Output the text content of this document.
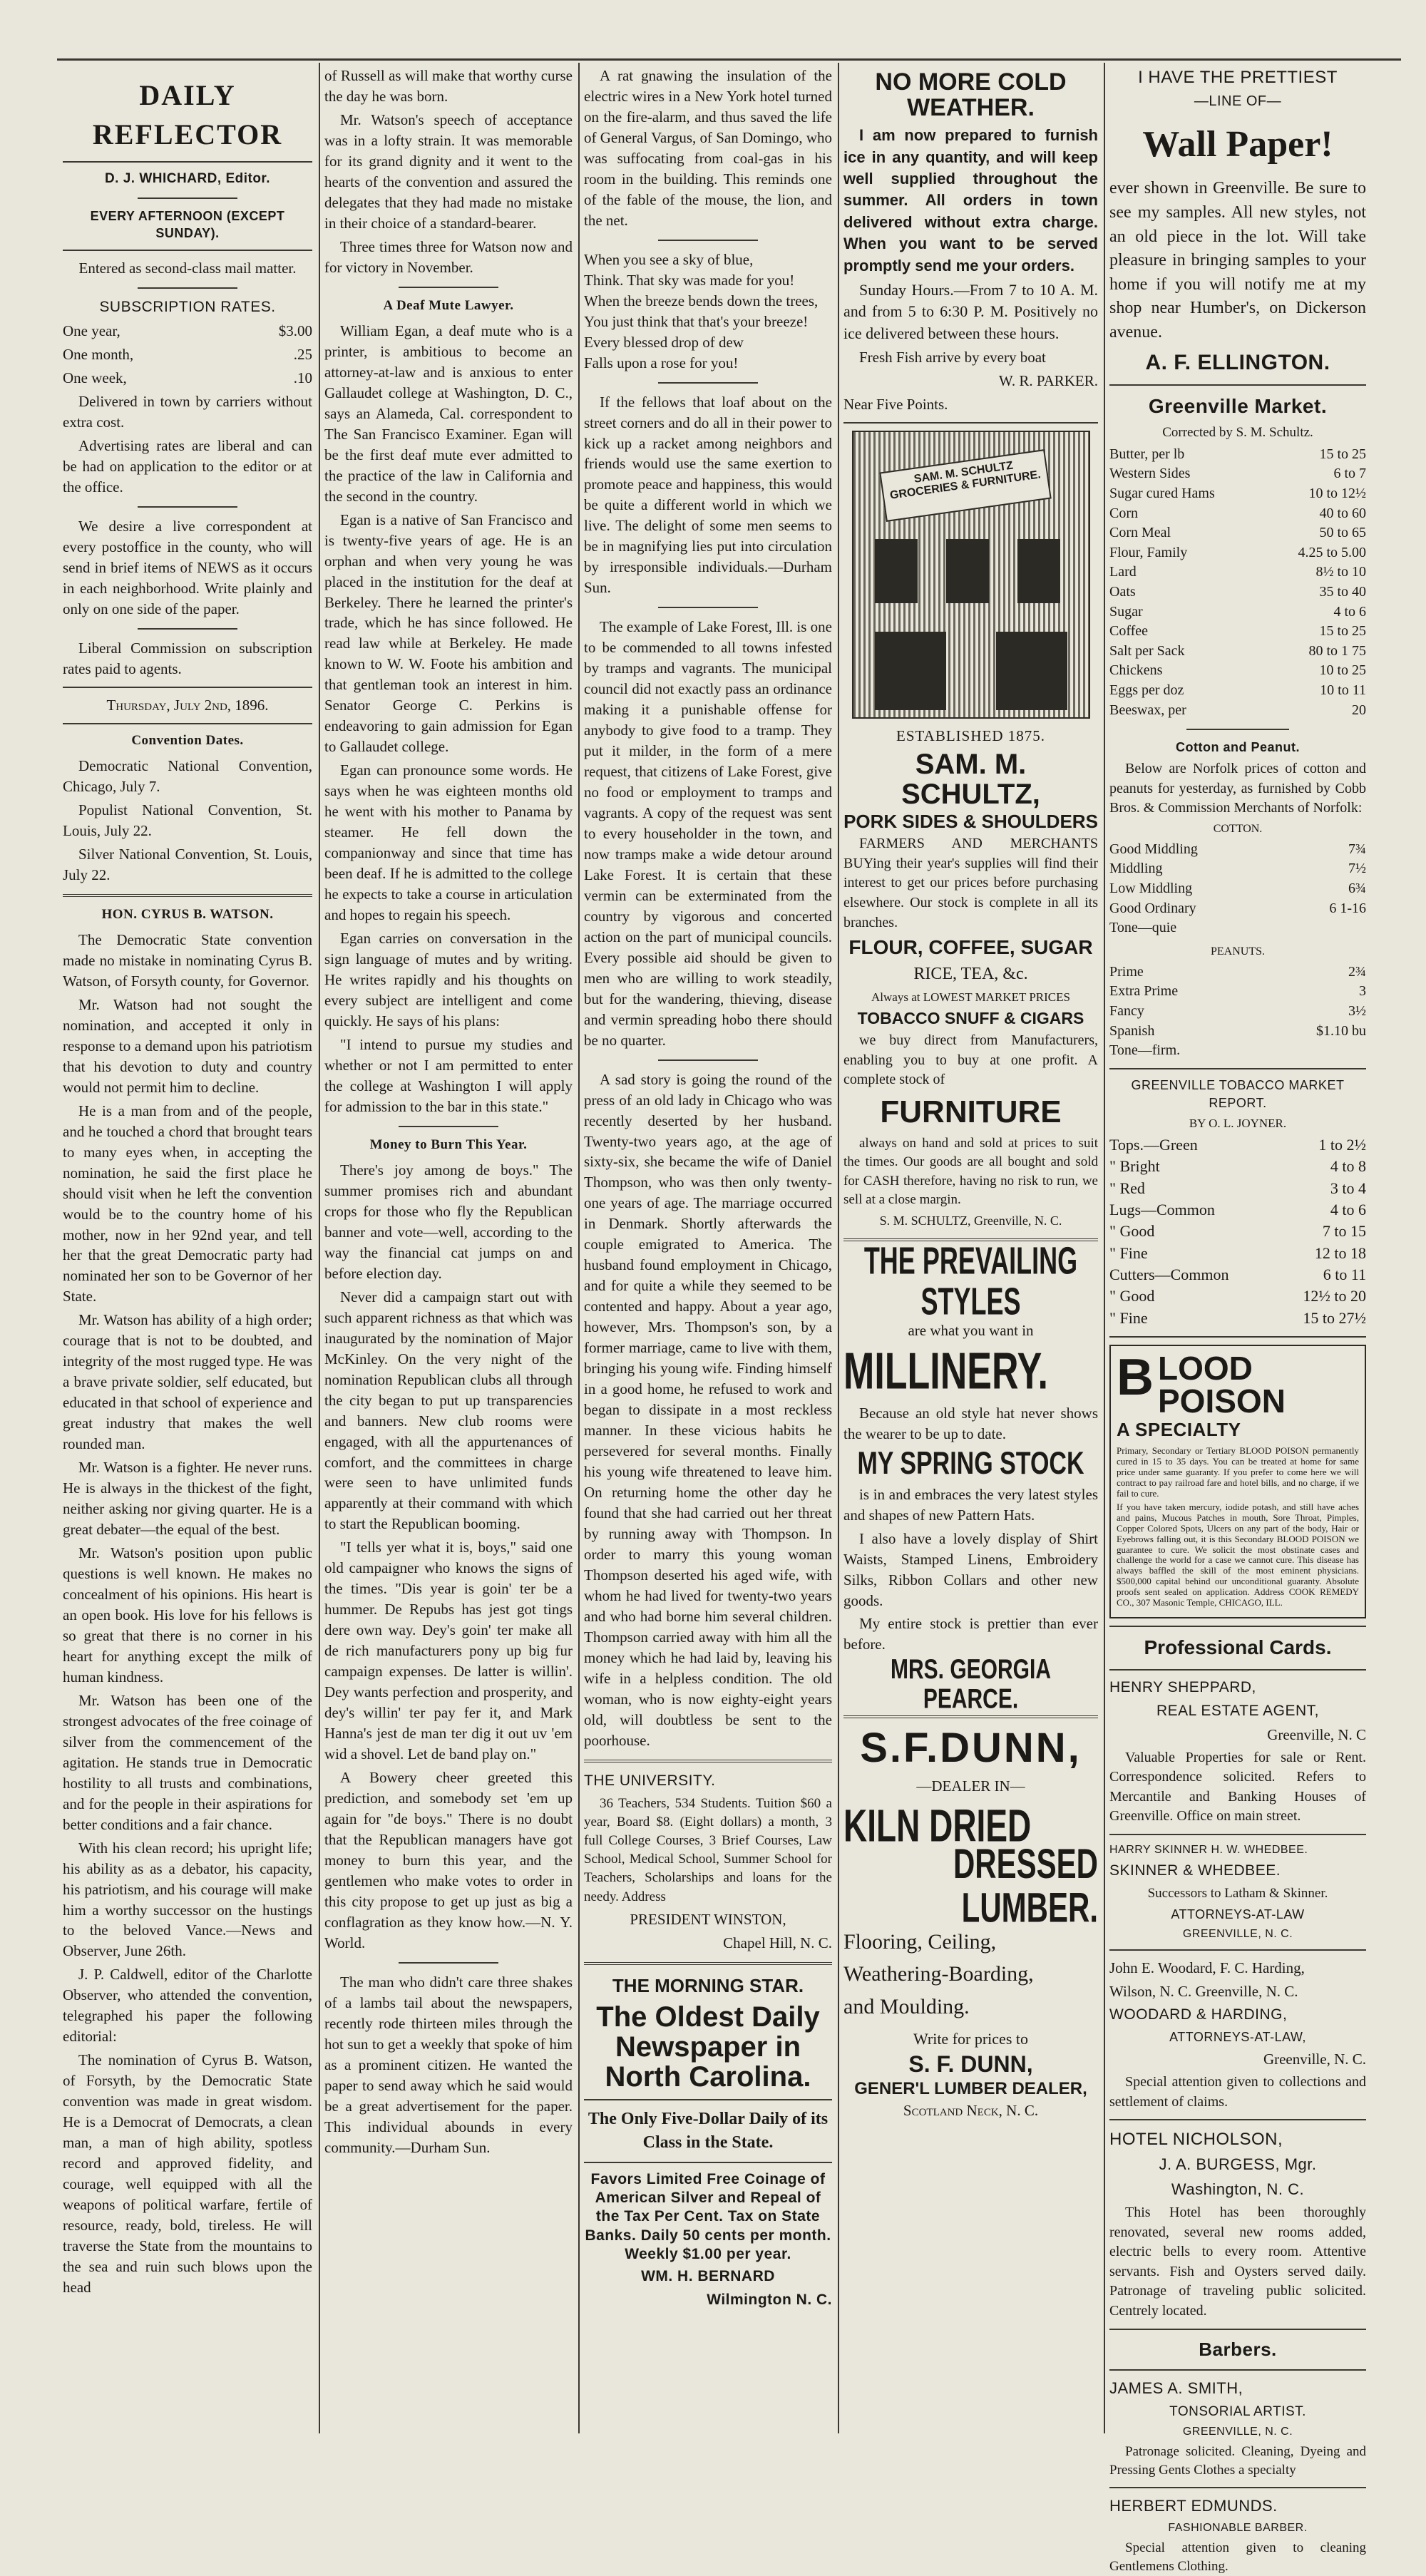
DAILY REFLECTOR

D. J. WHICHARD, Editor.

EVERY AFTERNOON (EXCEPT SUNDAY).

Entered as second-class mail matter.

SUBSCRIPTION RATES.

One year,	$3.00

One month,	.25

One week,	.10

Delivered in town by carriers without extra cost.

Advertising rates are liberal and can be had on application to the editor or at the office.

We desire a live correspondent at every postoffice in the county, who will send in brief items of NEWS as it occurs in each neighborhood. Write plainly and only on one side of the paper.

Liberal Commission on subscription rates paid to agents.

Thursday, July 2nd, 1896.

Convention Dates.

Democratic National Convention, Chicago, July 7.

Populist National Convention, St. Louis, July 22.

Silver National Convention, St. Louis, July 22.

HON. CYRUS B. WATSON.

The Democratic State convention made no mistake in nominating Cyrus B. Watson, of Forsyth county, for Governor.

Mr. Watson had not sought the nomination, and accepted it only in response to a demand upon his patriotism that his devotion to duty and country would not permit him to decline.

He is a man from and of the people, and he touched a chord that brought tears to many eyes when, in accepting the nomination, he said the first place he should visit when he left the convention would be to the country home of his mother, now in her 92nd year, and tell her that the great Democratic party had nominated her son to be Governor of her State.

Mr. Watson has ability of a high order; courage that is not to be doubted, and integrity of the most rugged type. He was a brave private soldier, self educated, but educated in that school of experience and great industry that makes the well rounded man.

Mr. Watson is a fighter. He never runs. He is always in the thickest of the fight, neither asking nor giving quarter. He is a great debater—the equal of the best.

Mr. Watson's position upon public questions is well known. He makes no concealment of his opinions. His heart is an open book. His love for his fellows is so great that there is no corner in his heart for anything except the milk of human kindness.

Mr. Watson has been one of the strongest advocates of the free coinage of silver from the commencement of the agitation. He stands true in Democratic hostility to all trusts and combinations, and for the people in their aspirations for better conditions and a fair chance.

With his clean record; his upright life; his ability as as a debator, his capacity, his patriotism, and his courage will make him a worthy successor on the hustings to the beloved Vance.—News and Observer, June 26th.

J. P. Caldwell, editor of the Charlotte Observer, who attended the convention, telegraphed his paper the following editorial:

The nomination of Cyrus B. Watson, of Forsyth, by the Democratic State convention was made in great wisdom. He is a Democrat of Democrats, a clean man, a man of high ability, spotless record and approved fidelity, and courage, well equipped with all the weapons of political warfare, fertile of resource, ready, bold, tireless. He will traverse the State from the mountains to the sea and ruin such blows upon the head

of Russell as will make that worthy curse the day he was born.

Mr. Watson's speech of acceptance was in a lofty strain. It was memorable for its grand dignity and it went to the hearts of the convention and assured the delegates that they had made no mistake in their choice of a standard-bearer.

Three times three for Watson now and for victory in November.

A Deaf Mute Lawyer.

William Egan, a deaf mute who is a printer, is ambitious to become an attorney-at-law and is anxious to enter Gallaudet college at Washington, D. C., says an Alameda, Cal. correspondent to The San Francisco Examiner. Egan will be the first deaf mute ever admitted to the practice of the law in California and the second in the country.

Egan is a native of San Francisco and is twenty-five years of age. He is an orphan and when very young he was placed in the institution for the deaf at Berkeley. There he learned the printer's trade, which he has since followed. He read law while at Berkeley. He made known to W. W. Foote his ambition and that gentleman took an interest in him. Senator George C. Perkins is endeavoring to gain admission for Egan to Gallaudet college.

Egan can pronounce some words. He says when he was eighteen months old he went with his mother to Panama by steamer. He fell down the companionway and since that time has been deaf. If he is admitted to the college he expects to take a course in articulation and hopes to regain his speech.

Egan carries on conversation in the sign language of mutes and by writing. He writes rapidly and his thoughts on every subject are intelligent and come quickly. He says of his plans:

"I intend to pursue my studies and whether or not I am permitted to enter the college at Washington I will apply for admission to the bar in this state."

Money to Burn This Year.

There's joy among de boys." The summer promises rich and abundant crops for those who fly the Republican banner and vote—well, according to the way the financial cat jumps on and before election day.

Never did a campaign start out with such apparent richness as that which was inaugurated by the nomination of Major McKinley. On the very night of the nomination Republican clubs all through the city began to put up transparencies and banners. New club rooms were engaged, with all the appurtenances of comfort, and the committees in charge were seen to have unlimited funds apparently at their command with which to start the Republican booming.

"I tells yer what it is, boys," said one old campaigner who knows the signs of the times. "Dis year is goin' ter be a hummer. De Repubs has jest got tings dere own way. Dey's goin' ter make all de rich manufacturers pony up big fur campaign expenses. De latter is willin'. Dey wants perfection and prosperity, and dey's willin' ter pay fer it, and Mark Hanna's jest de man ter dig it out uv 'em wid a shovel. Let de band play on."

A Bowery cheer greeted this prediction, and somebody set 'em up again for "de boys." There is no doubt that the Republican managers have got money to burn this year, and the gentlemen who make votes to order in this city propose to get up just as big a conflagration as they know how.—N. Y. World.

The man who didn't care three shakes of a lambs tail about the newspapers, recently rode thirteen miles through the hot sun to get a weekly that spoke of him as a prominent citizen. He wanted the paper to send away which he said would be a great advertisement for the paper. This individual abounds in every community.—Durham Sun.

A rat gnawing the insulation of the electric wires in a New York hotel turned on the fire-alarm, and thus saved the life of General Vargus, of San Domingo, who was suffocating from coal-gas in his room in the building. This reminds one of the fable of the mouse, the lion, and the net.

When you see a sky of blue,

Think. That sky was made for you!

When the breeze bends down the trees,

You just think that that's your breeze!

Every blessed drop of dew

Falls upon a rose for you!

If the fellows that loaf about on the street corners and do all in their power to kick up a racket among neighbors and friends would use the same exertion to promote peace and happiness, this would be quite a different world in which we live. The delight of some men seems to be in magnifying lies put into circulation by irresponsible individuals.—Durham Sun.

The example of Lake Forest, Ill. is one to be commended to all towns infested by tramps and vagrants. The municipal council did not exactly pass an ordinance making it a punishable offense for anybody to give food to a tramp. They put it milder, in the form of a mere request, that citizens of Lake Forest, give no food or employment to tramps and vagrants. A copy of the request was sent to every householder in the town, and now tramps make a wide detour around Lake Forest. It is certain that these vermin can be exterminated from the country by vigorous and concerted action on the part of municipal councils. Every possible aid should be given to men who are willing to work steadily, but for the wandering, thieving, disease and vermin spreading hobo there should be no quarter.

A sad story is going the round of the press of an old lady in Chicago who was recently deserted by her husband. Twenty-two years ago, at the age of sixty-six, she became the wife of Daniel Thompson, who was then only twenty-one years of age. The marriage occurred in Denmark. Shortly afterwards the couple emigrated to America. The husband found employment in Chicago, and for quite a while they seemed to be contented and happy. About a year ago, however, Mrs. Thompson's son, by a former marriage, came to live with them, bringing his young wife. Finding himself in a good home, he refused to work and began to dissipate in a most reckless manner. In these vicious habits he persevered for several months. Finally his young wife threatened to leave him. On returning home the other day he found that she had carried out her threat by running away with Thompson. In order to marry this young woman Thompson deserted his aged wife, with whom he had lived for twenty-two years and who had borne him several children. Thompson carried away with him all the money which he had laid by, leaving his wife in a helpless condition. The old woman, who is now eighty-eight years old, will doubtless be sent to the poorhouse.

THE UNIVERSITY.

36 Teachers, 534 Students. Tuition $60 a year, Board $8. (Eight dollars) a month, 3 full College Courses, 3 Brief Courses, Law School, Medical School, Summer School for Teachers, Scholarships and loans for the needy. Address

PRESIDENT WINSTON,

Chapel Hill, N. C.

THE MORNING STAR.

The Oldest Daily Newspaper in North Carolina.

The Only Five-Dollar Daily of its Class in the State.

Favors Limited Free Coinage of American Silver and Repeal of the Tax Per Cent. Tax on State Banks. Daily 50 cents per month. Weekly $1.00 per year.

WM. H. BERNARD

Wilmington N. C.

NO MORE COLD WEATHER.

I am now prepared to furnish ice in any quantity, and will keep well supplied throughout the summer. All orders in town delivered without extra charge. When you want to be served promptly send me your orders.

Sunday Hours.—From 7 to 10 A. M. and from 5 to 6:30 P. M. Positively no ice delivered between these hours.

Fresh Fish arrive by every boat

W. R. PARKER.

Near Five Points.

SAM. M. SCHULTZ GROCERIES & FURNITURE.

ESTABLISHED 1875.

SAM. M. SCHULTZ,

PORK SIDES & SHOULDERS

FARMERS AND MERCHANTS BUYing their year's supplies will find their interest to get our prices before purchasing elsewhere. Our stock is complete in all its branches.

FLOUR, COFFEE, SUGAR

RICE, TEA, &c.

Always at LOWEST MARKET PRICES

TOBACCO SNUFF & CIGARS

we buy direct from Manufacturers, enabling you to buy at one profit. A complete stock of

FURNITURE

always on hand and sold at prices to suit the times. Our goods are all bought and sold for CASH therefore, having no risk to run, we sell at a close margin.

S. M. SCHULTZ, Greenville, N. C.

THE PREVAILING STYLES

are what you want in

MILLINERY.

Because an old style hat never shows the wearer to be up to date.

MY SPRING STOCK

is in and embraces the very latest styles and shapes of new Pattern Hats.

I also have a lovely display of Shirt Waists, Stamped Linens, Embroidery Silks, Ribbon Collars and other new goods.

My entire stock is prettier than ever before.

MRS. GEORGIA PEARCE.

S.F.DUNN,

—DEALER IN—

KILN DRIED

DRESSED LUMBER.

Flooring, Ceiling,

Weathering-Boarding,

and Moulding.

Write for prices to

S. F. DUNN,

GENER'L LUMBER DEALER,

Scotland Neck, N. C.

I HAVE THE PRETTIEST

—LINE OF—

Wall Paper!

ever shown in Greenville. Be sure to see my samples. All new styles, not an old piece in the lot. Will take pleasure in bringing samples to your home if you will notify me at my shop near Humber's, on Dickerson avenue.

A. F. ELLINGTON.

Greenville Market.

Corrected by S. M. Schultz.

Butter, per lb	15 to 25
Western Sides	6 to 7
Sugar cured Hams	10 to 12½
Corn	40 to 60
Corn Meal	50 to 65
Flour, Family	4.25 to 5.00
Lard	8½ to 10
Oats	35 to 40
Sugar	4 to 6
Coffee	15 to 25
Salt per Sack	80 to 1 75
Chickens	10 to 25
Eggs per doz	10 to 11
Beeswax, per	20

Cotton and Peanut.

Below are Norfolk prices of cotton and peanuts for yesterday, as furnished by Cobb Bros. & Commission Merchants of Norfolk:

COTTON.

Good Middling	7¾
Middling	7½
Low Middling	6¾
Good Ordinary	6 1-16
Tone—quie	

PEANUTS.

Prime	2¾
Extra Prime	3
Fancy	3½
Spanish	$1.10 bu
Tone—firm.	

GREENVILLE TOBACCO MARKET REPORT.

BY O. L. JOYNER.

Tops.—Green	1 to 2½
" Bright	4 to 8
" Red	3 to 4
Lugs—Common	4 to 6
" Good	7 to 15
" Fine	12 to 18
Cutters—Common	6 to 11
" Good	12½ to 20
" Fine	15 to 27½
B LOOD POISON

A SPECIALTY

Primary, Secondary or Tertiary BLOOD POISON permanently cured in 15 to 35 days. You can be treated at home for same price under same guaranty. If you prefer to come here we will contract to pay railroad fare and hotel bills, and no charge, if we fail to cure.

If you have taken mercury, iodide potash, and still have aches and pains, Mucous Patches in mouth, Sore Throat, Pimples, Copper Colored Spots, Ulcers on any part of the body, Hair or Eyebrows falling out, it is this Secondary BLOOD POISON we guarantee to cure. We solicit the most obstinate cases and challenge the world for a case we cannot cure. This disease has always baffled the skill of the most eminent physicians. $500,000 capital behind our unconditional guaranty. Absolute proofs sent sealed on application. Address COOK REMEDY CO., 307 Masonic Temple, CHICAGO, ILL.

Professional Cards.

HENRY SHEPPARD,

REAL ESTATE AGENT,

Greenville, N. C

Valuable Properties for sale or Rent. Correspondence solicited. Refers to Mercantile and Banking Houses of Greenville. Office on main street.

HARRY SKINNER H. W. WHEDBEE.

SKINNER & WHEDBEE.

Successors to Latham & Skinner.

ATTORNEYS-AT-LAW

GREENVILLE, N. C.

John E. Woodard, F. C. Harding,

Wilson, N. C. Greenville, N. C.

WOODARD & HARDING,

ATTORNEYS-AT-LAW,

Greenville, N. C.

Special attention given to collections and settlement of claims.

HOTEL NICHOLSON,

J. A. BURGESS, Mgr.

Washington, N. C.

This Hotel has been thoroughly renovated, several new rooms added, electric bells to every room. Attentive servants. Fish and Oysters served daily. Patronage of traveling public solicited. Centrely located.

Barbers.

JAMES A. SMITH,

TONSORIAL ARTIST.

GREENVILLE, N. C.

Patronage solicited. Cleaning, Dyeing and Pressing Gents Clothes a specialty

HERBERT EDMUNDS.

FASHIONABLE BARBER.

Special attention given to cleaning Gentlemens Clothing.
